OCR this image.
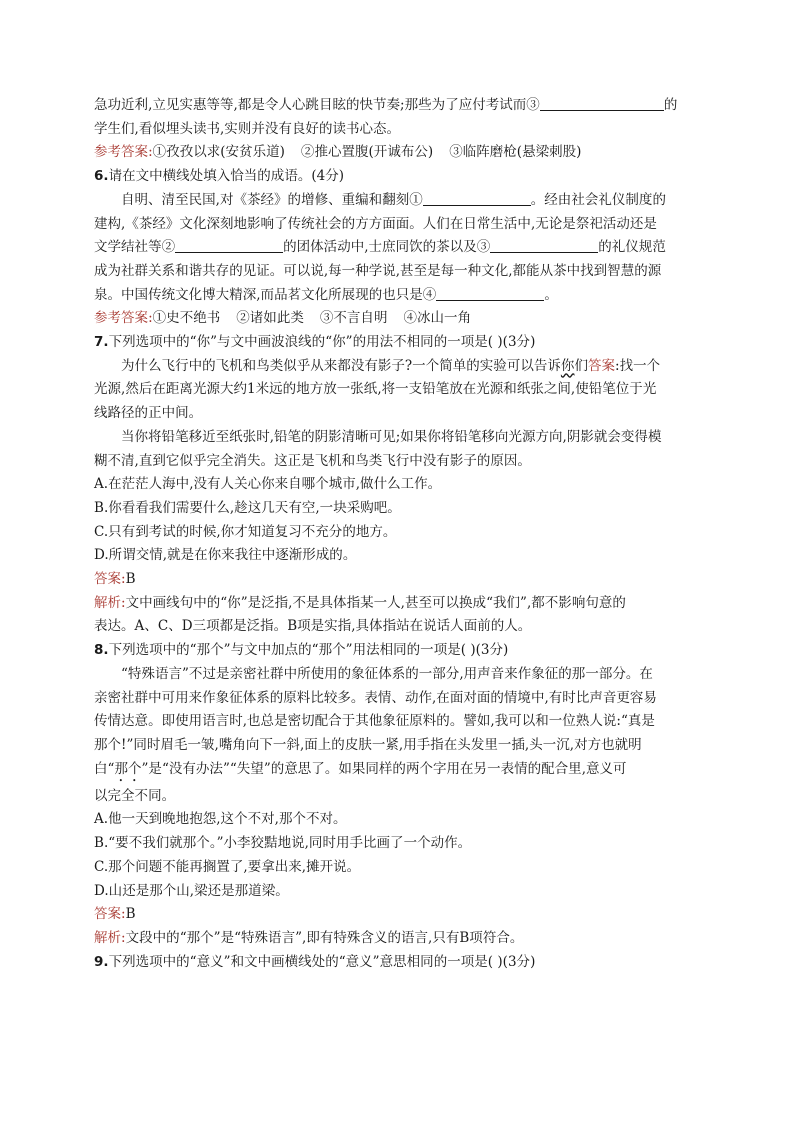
急功近利,立见实惠等等,都是令人心跳目眩的快节奏;那些为了应付考试而③	的
学生们,看似埋头读书,实则并没有良好的读书心态。
参考答案:①孜孜以求(安贫乐道) ②推心置腹(开诚布公) ③临阵磨枪(悬梁刺股)
6.请在文中横线处填入恰当的成语。(4分)
自明、清至民国,对《茶经》的增修、重编和翻刻①	。经由社会礼仪制度的
建构,《茶经》文化深刻地影响了传统社会的方方面面。人们在日常生活中,无论是祭祀活动还是
文学结社等②	的团体活动中,士庶同饮的茶以及③	的礼仪规范
成为社群关系和谐共存的见证。可以说,每一种学说,甚至是每一种文化,都能从茶中找到智慧的源
泉。中国传统文化博大精深,而品茗文化所展现的也只是④	。
参考答案:①史不绝书 ②诸如此类 ③不言自明 ④冰山一角
7.下列选项中的“你”与文中画波浪线的“你”的用法不相同的一项是( )(3分)
为什么飞行中的飞机和鸟类似乎从来都没有影子?一个简单的实验可以告诉你们答案:找一个
光源,然后在距离光源大约1米远的地方放一张纸,将一支铅笔放在光源和纸张之间,使铅笔位于光
线路径的正中间。
当你将铅笔移近至纸张时,铅笔的阴影清晰可见;如果你将铅笔移向光源方向,阴影就会变得模
糊不清,直到它似乎完全消失。这正是飞机和鸟类飞行中没有影子的原因。
A.在茫茫人海中,没有人关心你来自哪个城市,做什么工作。
B.你看看我们需要什么,趁这几天有空,一块采购吧。
C.只有到考试的时候,你才知道复习不充分的地方。
D.所谓交情,就是在你来我往中逐渐形成的。
答案:B
解析:文中画线句中的“你”是泛指,不是具体指某一人,甚至可以换成“我们”,都不影响句意的
表达。A、C、D三项都是泛指。B项是实指,具体指站在说话人面前的人。
8.下列选项中的“那个”与文中加点的“那个”用法相同的一项是( )(3分)
“特殊语言”不过是亲密社群中所使用的象征体系的一部分,用声音来作象征的那一部分。在
亲密社群中可用来作象征体系的原料比较多。表情、动作,在面对面的情境中,有时比声音更容易
传情达意。即使用语言时,也总是密切配合于其他象征原料的。譬如,我可以和一位熟人说:“真是
那个!”同时眉毛一皱,嘴角向下一斜,面上的皮肤一紧,用手指在头发里一插,头一沉,对方也就明
白“那个”是“没有办法”“失望”的意思了。如果同样的两个字用在另一表情的配合里,意义可
以完全不同。
A.他一天到晚地抱怨,这个不对,那个不对。
B.“要不我们就那个。”小李狡黠地说,同时用手比画了一个动作。
C.那个问题不能再搁置了,要拿出来,摊开说。
D.山还是那个山,梁还是那道梁。
答案:B
解析:文段中的“那个”是“特殊语言”,即有特殊含义的语言,只有B项符合。
9.下列选项中的“意义”和文中画横线处的“意义”意思相同的一项是( )(3分)
